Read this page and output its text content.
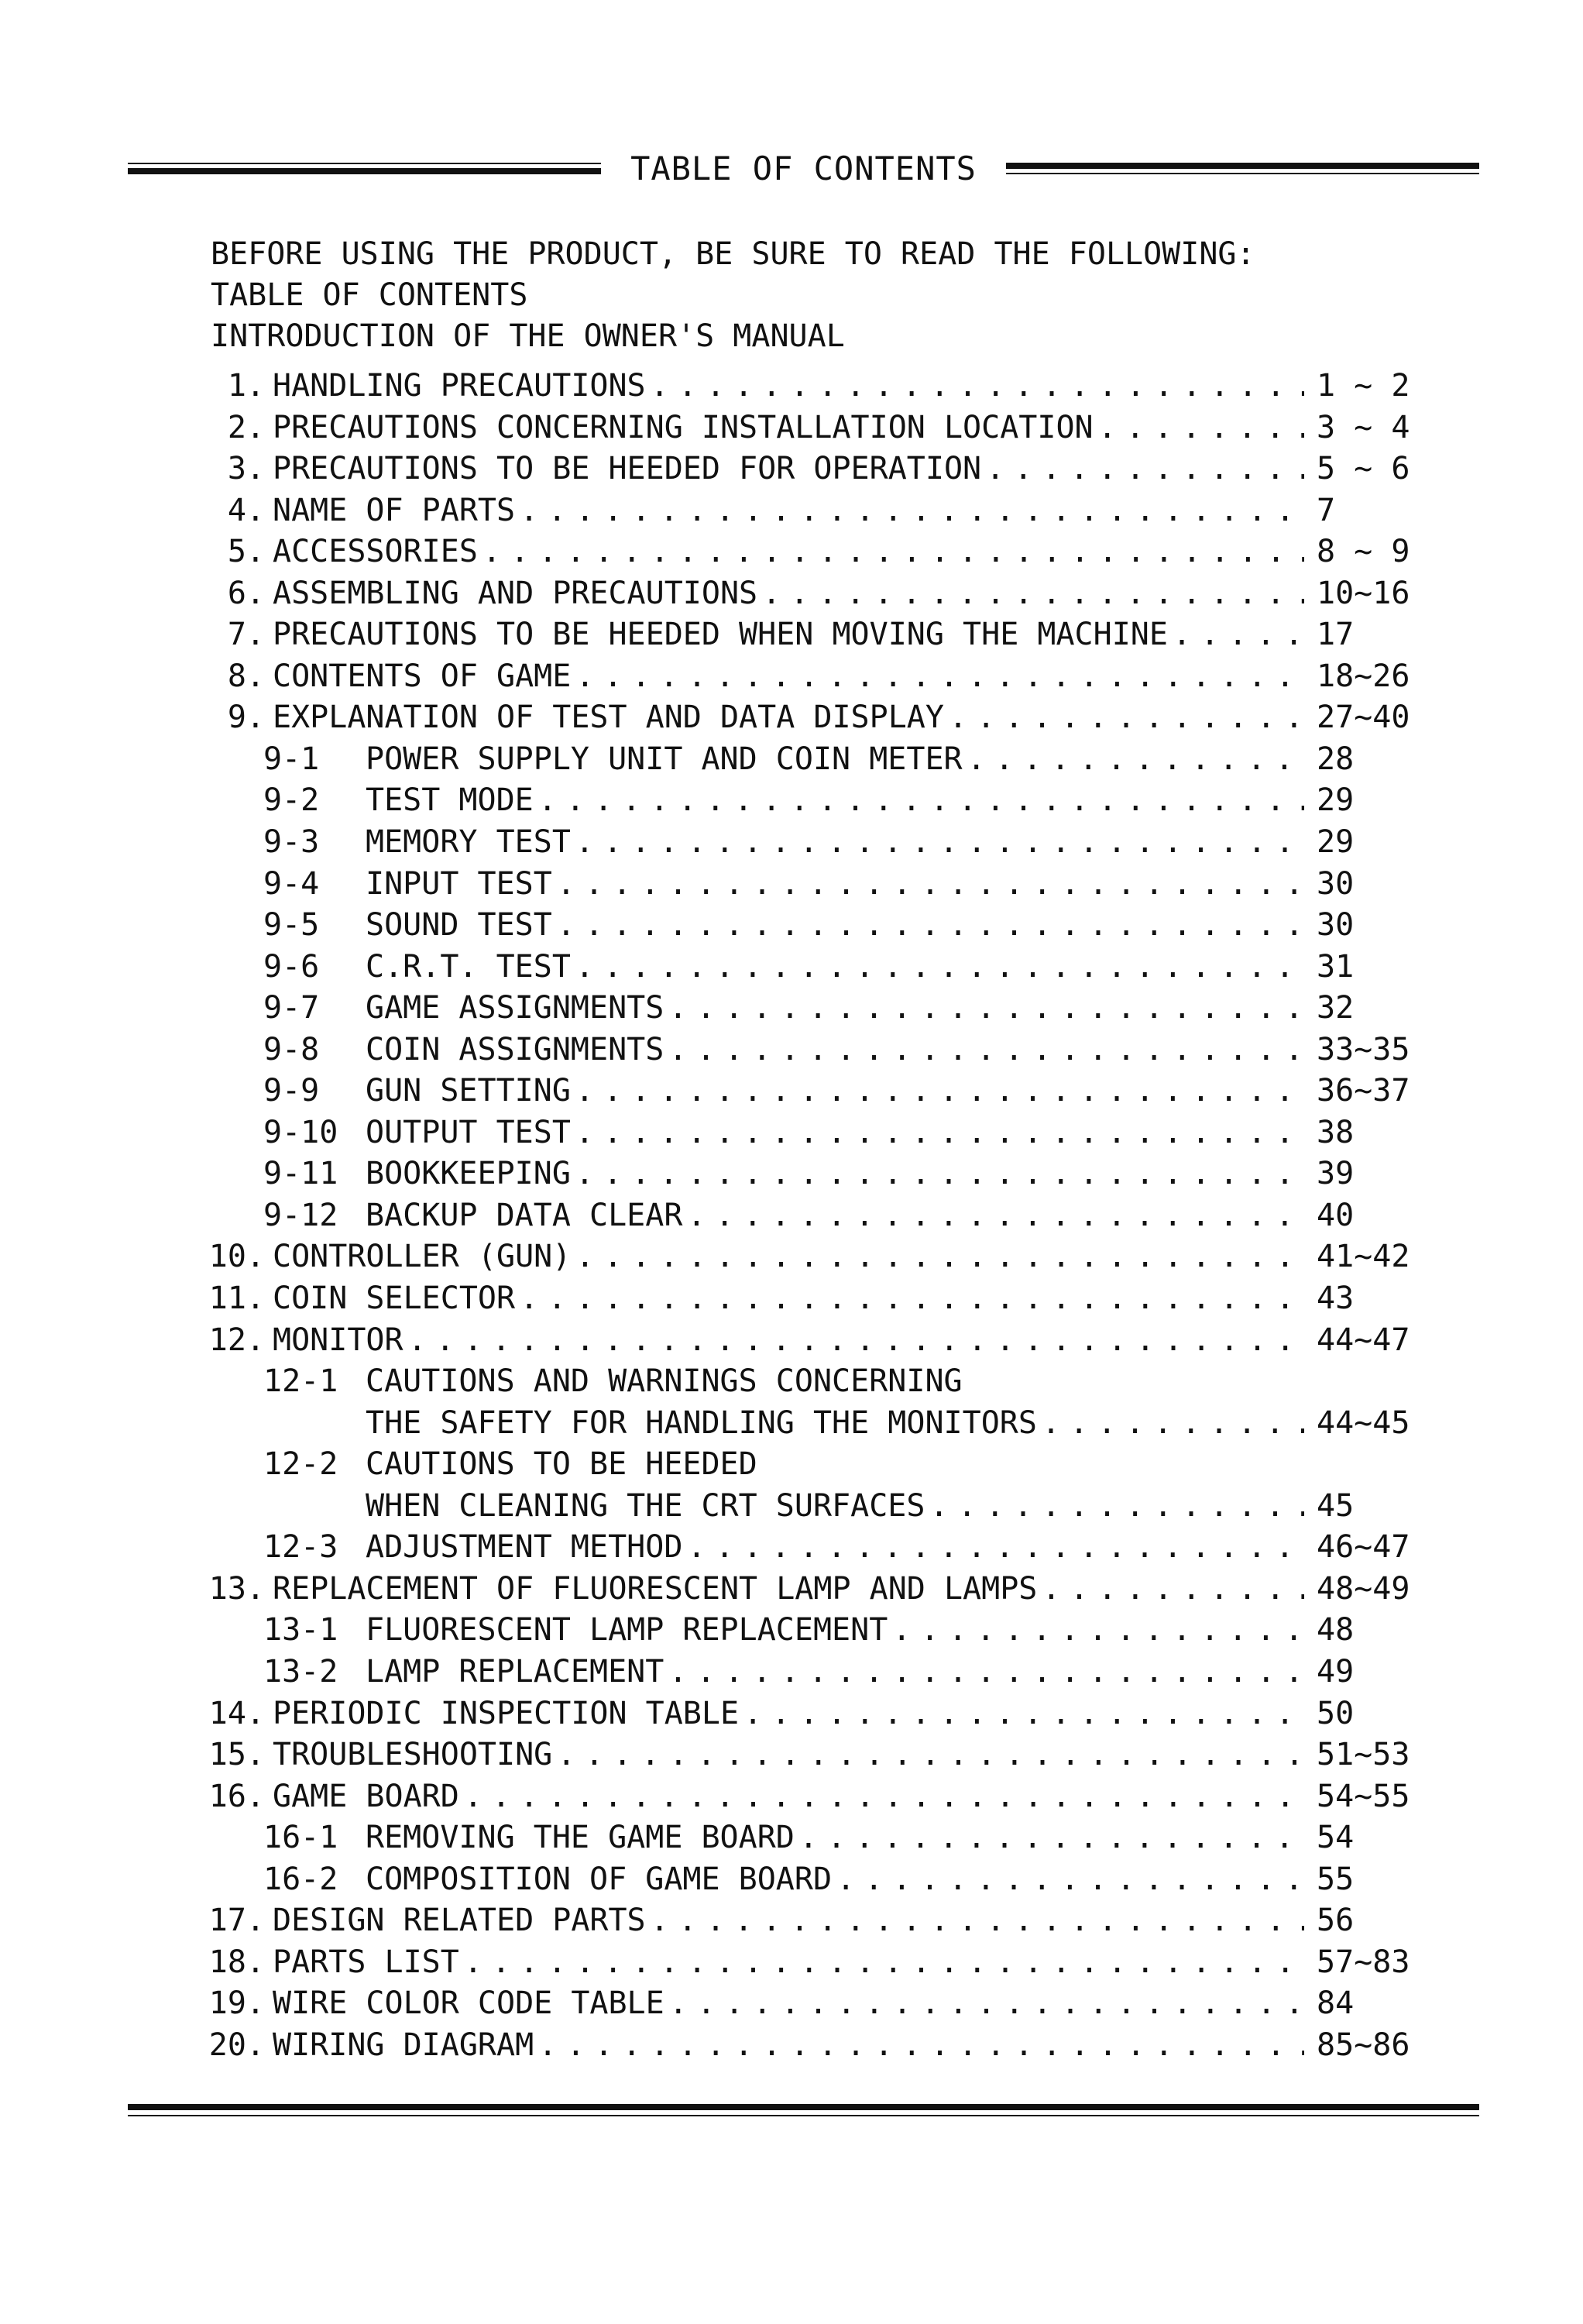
TABLE OF CONTENTS
BEFORE USING THE PRODUCT, BE SURE TO READ THE FOLLOWING:
TABLE OF CONTENTS
INTRODUCTION OF THE OWNER'S MANUAL
1. HANDLING PRECAUTIONS . . .	1 ~ 2
2. PRECAUTIONS CONCERNING INSTALLATION LOCATION . . .	3 ~ 4
3. PRECAUTIONS TO BE HEEDED FOR OPERATION . . .	5 ~ 6
4. NAME OF PARTS . . .	7
5. ACCESSORIES . . .	8 ~ 9
6. ASSEMBLING AND PRECAUTIONS . . .	10~16
7. PRECAUTIONS TO BE HEEDED WHEN MOVING THE MACHINE . . .	17
8. CONTENTS OF GAME . . .	18~26
9. EXPLANATION OF TEST AND DATA DISPLAY . . .	27~40
9-1	POWER SUPPLY UNIT AND COIN METER . . .	28
9-2	TEST MODE . . .	29
9-3	MEMORY TEST . . .	29
9-4	INPUT TEST . . .	30
9-5	SOUND TEST . . .	30
9-6	C.R.T. TEST . . .	31
9-7	GAME ASSIGNMENTS . . .	32
9-8	COIN ASSIGNMENTS . . .	33~35
9-9	GUN SETTING . . .	36~37
9-10 OUTPUT TEST . . .	38
9-11 BOOKKEEPING . . .	39
9-12 BACKUP DATA CLEAR . . .	40
10. CONTROLLER (GUN) . . .	41~42
11. COIN SELECTOR . . .	43
12. MONITOR . . .	44~47
12-1 CAUTIONS AND WARNINGS CONCERNING
THE SAFETY FOR HANDLING THE MONITORS . . .	44~45
12-2 CAUTIONS TO BE HEEDED
WHEN CLEANING THE CRT SURFACES . . .	45
12-3 ADJUSTMENT METHOD . . .	46~47
13. REPLACEMENT OF FLUORESCENT LAMP AND LAMPS . . .	48~49
13-1 FLUORESCENT LAMP REPLACEMENT . . .	48
13-2 LAMP REPLACEMENT . . .	49
14. PERIODIC INSPECTION TABLE . . .	50
15. TROUBLESHOOTING . . .	51~53
16. GAME BOARD . . .	54~55
16-1 REMOVING THE GAME BOARD . . .	54
16-2 COMPOSITION OF GAME BOARD . . .	55
17. DESIGN RELATED PARTS . . .	56
18. PARTS LIST . . .	57~83
19. WIRE COLOR CODE TABLE . . .	84
20. WIRING DIAGRAM . . .	85~86
